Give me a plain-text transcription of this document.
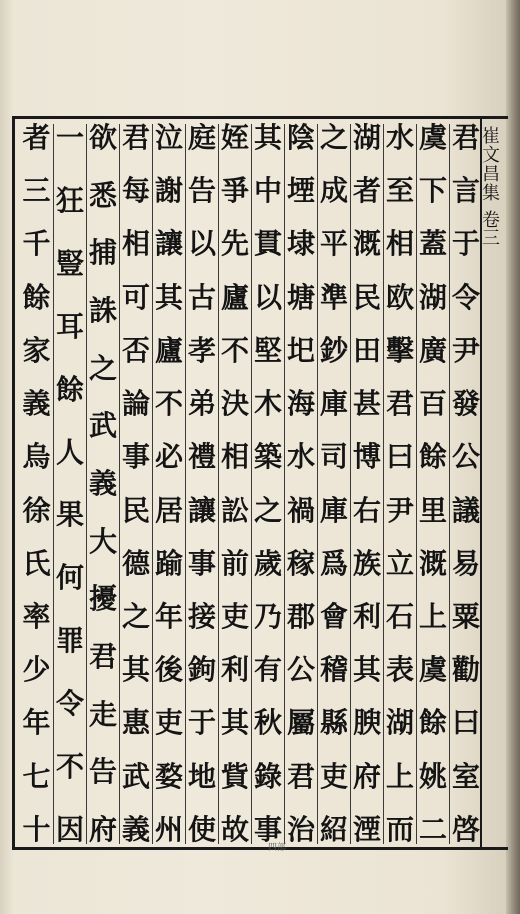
崔文昌集
卷三
君
言
于
令
尹
發
公
議
易
粟
勸
曰
室
啓
虞
下
蓋
湖
廣
百
餘
里
溉
上
虞
餘
姚
二
水
至
相
欧
擊
君
曰
尹
立
石
表
湖
上
而
湖
者
溉
民
田
甚
博
右
族
利
其
腴
府
湮
之
成
平
準
鈔
庫
司
庫
爲
會
稽
縣
吏
紹
陰
堙
埭
塘
圯
海
水
禍
稼
郡
公
屬
君
治
其
中
貫
以
堅
木
築
之
歲
乃
有
秋
錄
事
姪
爭
先
廬
不
決
相
訟
前
吏
利
其
貲
故
庭
告
以
古
孝
弟
禮
讓
事
接
鉤
于
地
使
泣
謝
讓
其
廬
不
必
居
踰
年
後
吏
婺
州
君
每
相
可
否
論
事
民
德
之
其
惠
武
義
欲
悉
捕
誅
之
武
義
大
擾
君
走
告
府
一
狂
豎
耳
餘
人
果
何
罪
令
不
因
者
三
千
餘
家
義
烏
徐
氏
率
少
年
七
十
四部
